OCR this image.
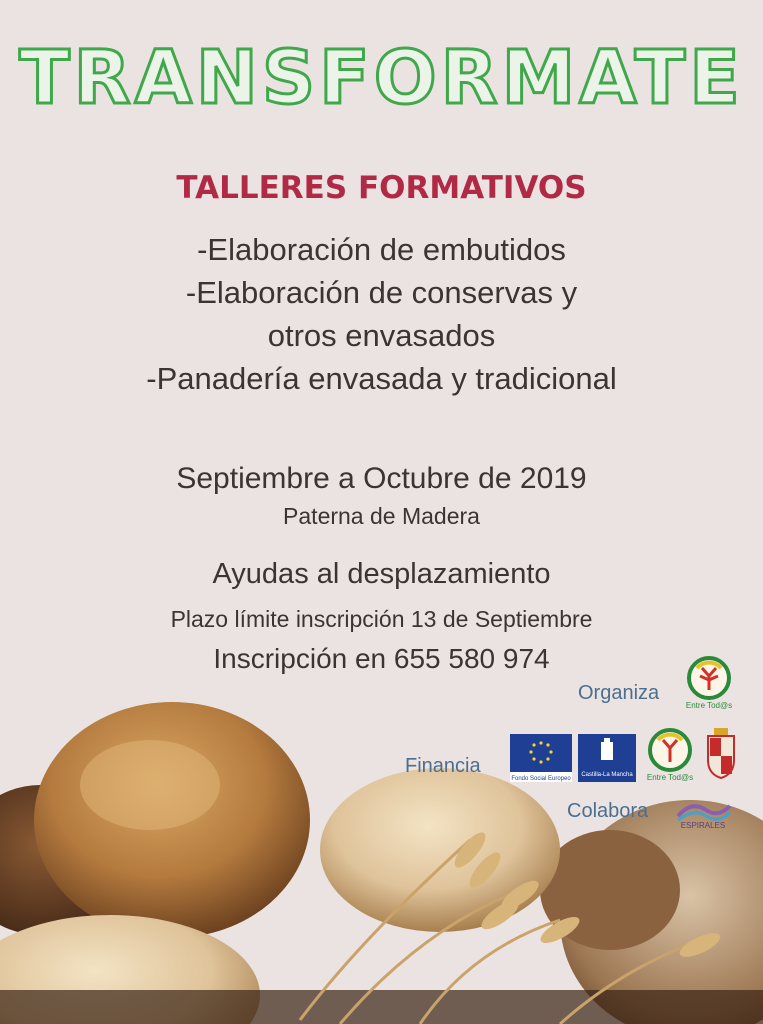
TRANSFORMATE
TALLERES FORMATIVOS
-Elaboración de embutidos
-Elaboración de conservas y
otros envasados
-Panadería envasada y tradicional
Septiembre a Octubre de 2019
Paterna de Madera
Ayudas al desplazamiento
Plazo límite inscripción 13 de Septiembre
Inscripción en 655 580 974
Organiza
Entre Tod@s
Financia
Fondo Social Europeo
Castilla-La Mancha Entre Tod@s
Colabora
ESPIRALES
